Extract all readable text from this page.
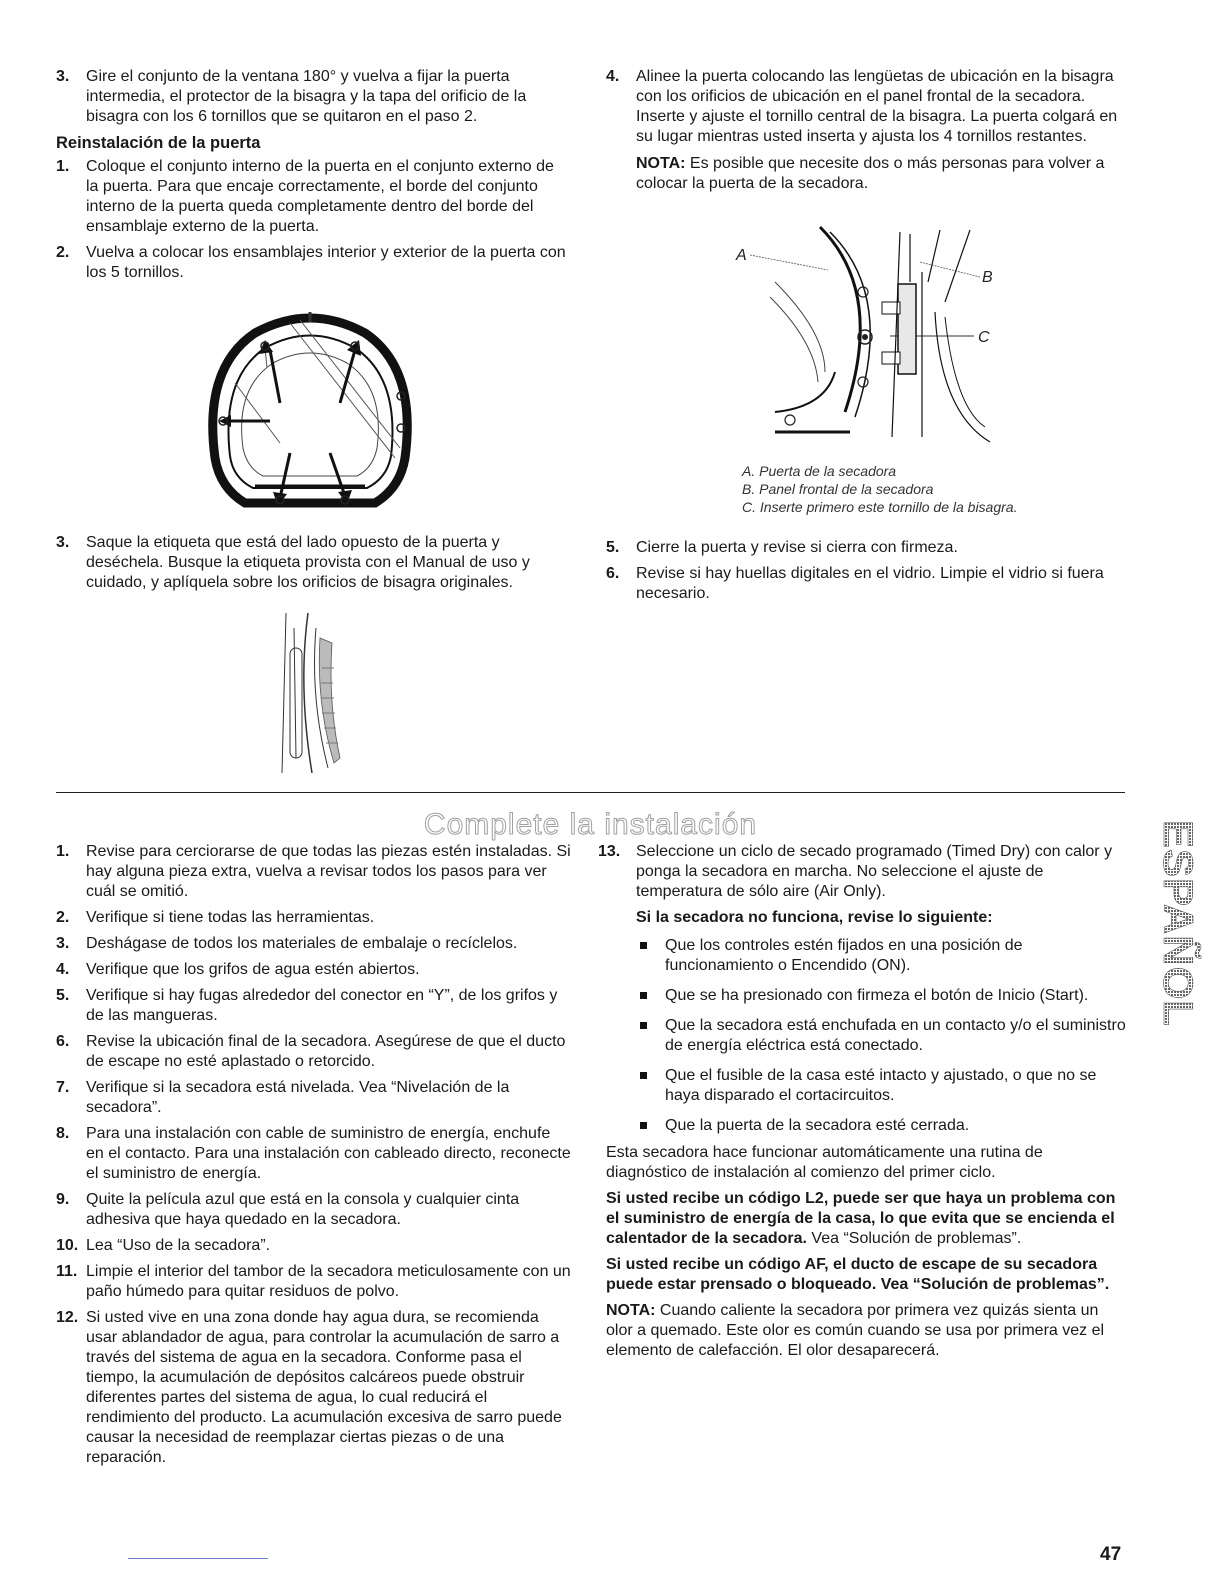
3. Gire el conjunto de la ventana 180° y vuelva a fijar la puerta intermedia, el protector de la bisagra y la tapa del orificio de la bisagra con los 6 tornillos que se quitaron en el paso 2.

Reinstalación de la puerta
1. Coloque el conjunto interno de la puerta en el conjunto externo de la puerta. Para que encaje correctamente, el borde del conjunto interno de la puerta queda completamente dentro del borde del ensamblaje externo de la puerta.

2. Vuelva a colocar los ensamblajes interior y exterior de la puerta con los 5 tornillos.

3. Saque la etiqueta que está del lado opuesto de la puerta y deséchela. Busque la etiqueta provista con el Manual de uso y cuidado, y aplíquela sobre los orificios de bisagra originales.

4. Alinee la puerta colocando las lengüetas de ubicación en la bisagra con los orificios de ubicación en el panel frontal de la secadora. Inserte y ajuste el tornillo central de la bisagra. La puerta colgará en su lugar mientras usted inserta y ajusta los 4 tornillos restantes.

NOTA: Es posible que necesite dos o más personas para volver a colocar la puerta de la secadora.

A
B
C
A. Puerta de la secadora
B. Panel frontal de la secadora
C. Inserte primero este tornillo de la bisagra.
5. Cierre la puerta y revise si cierra con firmeza.

6. Revise si hay huellas digitales en el vidrio. Limpie el vidrio si fuera necesario.

Complete la instalación	ESPAÑOL
1. Revise para cerciorarse de que todas las piezas estén instaladas. Si hay alguna pieza extra, vuelva a revisar todos los pasos para ver cuál se omitió.

2. Verifique si tiene todas las herramientas.

3. Deshágase de todos los materiales de embalaje o recíclelos.

4. Verifique que los grifos de agua estén abiertos.

5. Verifique si hay fugas alrededor del conector en “Y”, de los grifos y de las mangueras.

6. Revise la ubicación final de la secadora. Asegúrese de que el ducto de escape no esté aplastado o retorcido.

7. Verifique si la secadora está nivelada. Vea “Nivelación de la secadora”.

8. Para una instalación con cable de suministro de energía, enchufe en el contacto. Para una instalación con cableado directo, reconecte el suministro de energía.

9. Quite la película azul que está en la consola y cualquier cinta adhesiva que haya quedado en la secadora.

10. Lea “Uso de la secadora”.

11. Limpie el interior del tambor de la secadora meticulosamente con un paño húmedo para quitar residuos de polvo.

12. Si usted vive en una zona donde hay agua dura, se recomienda usar ablandador de agua, para controlar la acumulación de sarro a través del sistema de agua en la secadora. Conforme pasa el tiempo, la acumulación de depósitos calcáreos puede obstruir diferentes partes del sistema de agua, lo cual reducirá el rendimiento del producto. La acumulación excesiva de sarro puede causar la necesidad de reemplazar ciertas piezas o de una reparación.

13. Seleccione un ciclo de secado programado (Timed Dry) con calor y ponga la secadora en marcha. No seleccione el ajuste de temperatura de sólo aire (Air Only).

Si la secadora no funciona, revise lo siguiente:

Que los controles estén fijados en una posición de funcionamiento o Encendido (ON).
Que se ha presionado con firmeza el botón de Inicio (Start).
Que la secadora está enchufada en un contacto y/o el suministro de energía eléctrica está conectado.
Que el fusible de la casa esté intacto y ajustado, o que no se haya disparado el cortacircuitos.
Que la puerta de la secadora esté cerrada.

Esta secadora hace funcionar automáticamente una rutina de diagnóstico de instalación al comienzo del primer ciclo.

Si usted recibe un código L2, puede ser que haya un problema con el suministro de energía de la casa, lo que evita que se encienda el calentador de la secadora. Vea “Solución de problemas”.

Si usted recibe un código AF, el ducto de escape de su secadora puede estar prensado o bloqueado. Vea “Solución de problemas”.

NOTA: Cuando caliente la secadora por primera vez quizás sienta un olor a quemado. Este olor es común cuando se usa por primera vez el elemento de calefacción. El olor desaparecerá.

47
